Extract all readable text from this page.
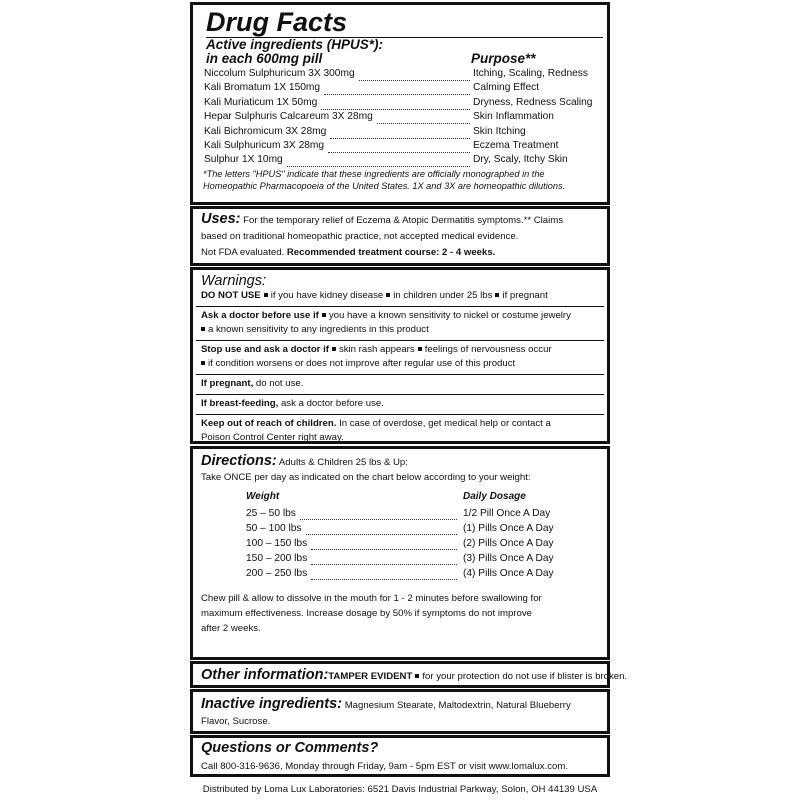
Drug Facts
Active ingredients (HPUS*):
in each 600mg pill	Purpose**
Niccolum Sulphuricum 3X 300mg	Itching, Scaling, Redness
Kali Bromatum 1X 150mg	Calming Effect
Kali Muriaticum 1X 50mg	Dryness, Redness Scaling
Hepar Sulphuris Calcareum 3X 28mg	Skin Inflammation
Kali Bichromicum 3X 28mg	Skin Itching
Kali Sulphuricum 3X 28mg	Eczema Treatment
Sulphur 1X 10mg	Dry, Scaly, Itchy Skin
*The letters "HPUS" indicate that these ingredients are officially monographed in the
Homeopathic Pharmacopoeia of the United States. 1X and 3X are homeopathic dilutions.
Uses: For the temporary relief of Eczema & Atopic Dermatitis symptoms.** Claims
based on traditional homeopathic practice, not accepted medical evidence.
Not FDA evaluated. Recommended treatment course: 2 - 4 weeks.
Warnings:
DO NOT USE if you have kidney disease in children under 25 lbs if pregnant
Ask a doctor before use if you have a known sensitivity to nickel or costume jewelry
a known sensitivity to any ingredients in this product
Stop use and ask a doctor if skin rash appears feelings of nervousness occur
if condition worsens or does not improve after regular use of this product
If pregnant, do not use.
If breast-feeding, ask a doctor before use.
Keep out of reach of children. In case of overdose, get medical help or contact a
Poison Control Center right away.
Directions: Adults & Children 25 lbs & Up:
Take ONCE per day as indicated on the chart below according to your weight:
Weight	Daily Dosage
25 – 50 lbs	1/2 Pill Once A Day
50 – 100 lbs	(1) Pills Once A Day
100 – 150 lbs	(2) Pills Once A Day
150 – 200 lbs	(3) Pills Once A Day
200 – 250 lbs	(4) Pills Once A Day
Chew pill & allow to dissolve in the mouth for 1 - 2 minutes before swallowing for
maximum effectiveness. Increase dosage by 50% if symptoms do not improve
after 2 weeks.
Other information:TAMPER EVIDENT for your protection do not use if blister is broken.
Inactive ingredients: Magnesium Stearate, Maltodextrin, Natural Blueberry
Flavor, Sucrose.
Questions or Comments?
Call 800-316-9636, Monday through Friday, 9am - 5pm EST or visit www.lomalux.com.
Distributed by Loma Lux Laboratories: 6521 Davis Industrial Parkway, Solon, OH 44139 USA
